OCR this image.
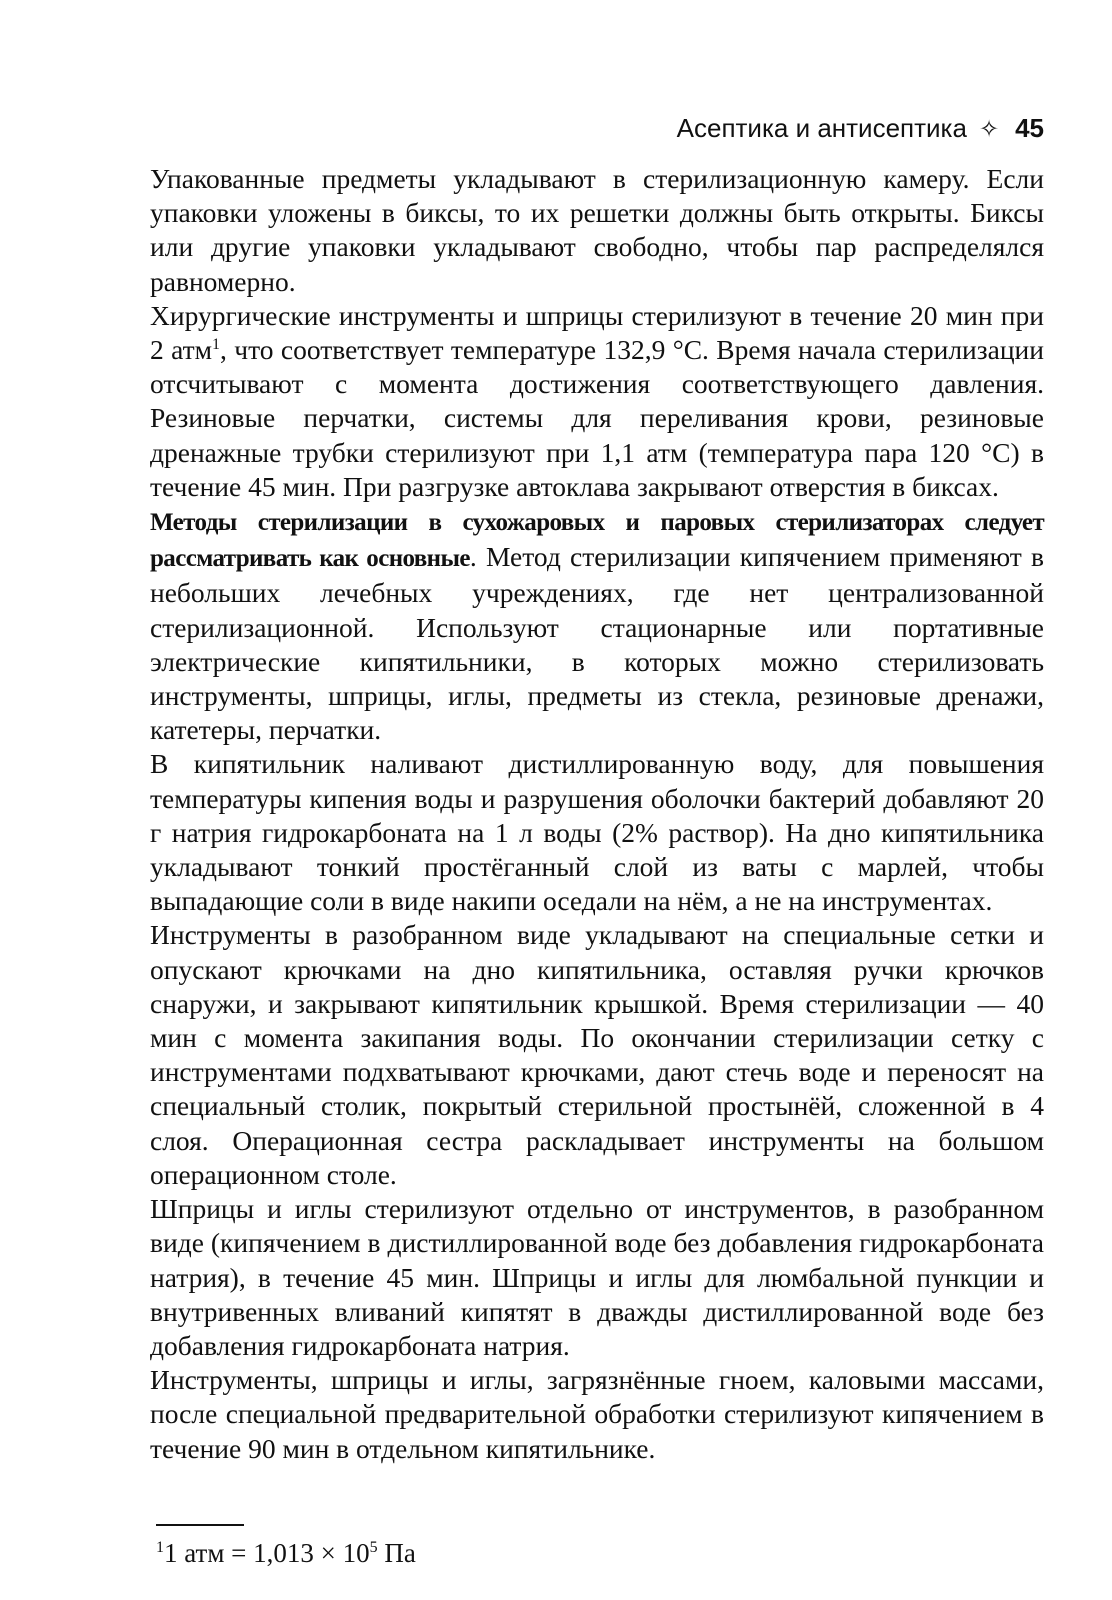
Асептика и антисептика ✧ 45

Упакованные предметы укладывают в стерилизационную камеру. Если упаковки уложены в биксы, то их решетки должны быть открыты. Биксы или другие упаковки укладывают свободно, чтобы пар распределялся равномерно.

Хирургические инструменты и шприцы стерилизуют в течение 20 мин при 2 атм$^1$, что соответствует температуре 132,9 °С. Время начала стерилизации отсчитывают с момента достижения соответствующего давления. Резиновые перчатки, системы для переливания крови, резиновые дренажные трубки стерилизуют при 1,1 атм (температура пара 120 °С) в течение 45 мин. При разгрузке автоклава закрывают отверстия в биксах.

Методы стерилизации в сухожаровых и паровых стерилизаторах следует рассматривать как основные. Метод стерилизации кипячением применяют в небольших лечебных учреждениях, где нет централизованной стерилизационной. Используют стационарные или портативные электрические кипятильники, в которых можно стерилизовать инструменты, шприцы, иглы, предметы из стекла, резиновые дренажи, катетеры, перчатки.

В кипятильник наливают дистиллированную воду, для повышения температуры кипения воды и разрушения оболочки бактерий добавляют 20 г натрия гидрокарбоната на 1 л воды (2% раствор). На дно кипятильника укладывают тонкий простёганный слой из ваты с марлей, чтобы выпадающие соли в виде накипи оседали на нём, а не на инструментах.

Инструменты в разобранном виде укладывают на специальные сетки и опускают крючками на дно кипятильника, оставляя ручки крючков снаружи, и закрывают кипятильник крышкой. Время стерилизации — 40 мин с момента закипания воды. По окончании стерилизации сетку с инструментами подхватывают крючками, дают стечь воде и переносят на специальный столик, покрытый стерильной простынёй, сложенной в 4 слоя. Операционная сестра раскладывает инструменты на большом операционном столе.

Шприцы и иглы стерилизуют отдельно от инструментов, в разобранном виде (кипячением в дистиллированной воде без добавления гидрокарбоната натрия), в течение 45 мин. Шприцы и иглы для люмбальной пункции и внутривенных вливаний кипятят в дважды дистиллированной воде без добавления гидрокарбоната натрия.

Инструменты, шприцы и иглы, загрязнённые гноем, каловыми массами, после специальной предварительной обработки стерилизуют кипячением в течение 90 мин в отдельном кипятильнике.

$^1$1 атм = $1,013 \times 10^5$ Па
